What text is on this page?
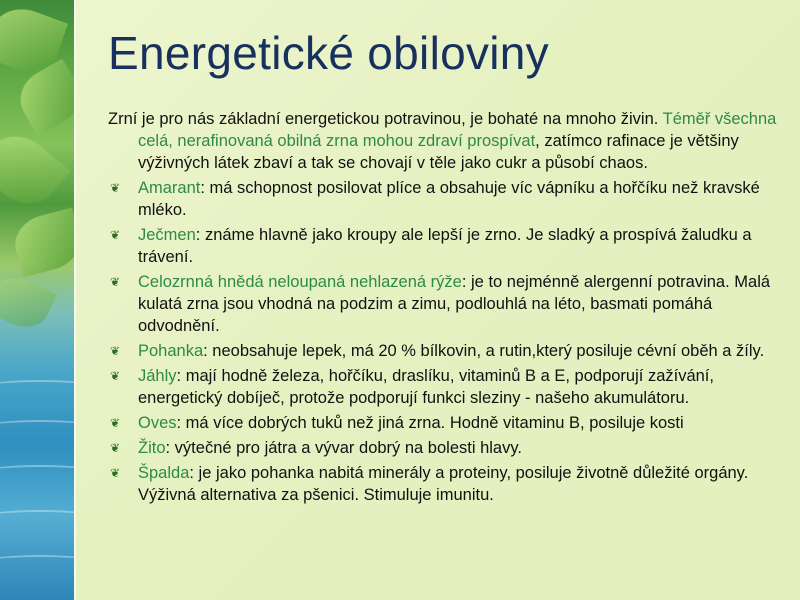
Energetické obiloviny

Zrní je pro nás základní energetickou potravinou, je bohaté na mnoho živin. Téměř všechna celá, nerafinovaná obilná zrna mohou zdraví prospívat, zatímco rafinace je většiny výživných látek zbaví a tak se chovají v těle jako cukr a působí chaos.

❦ Amarant: má schopnost posilovat plíce a obsahuje víc vápníku a hořčíku než kravské mléko.
❦ Ječmen: známe hlavně jako kroupy ale lepší je zrno. Je sladký a prospívá žaludku a trávení.
❦ Celozrnná hnědá neloupaná nehlazená rýže: je to nejménně alergenní potravina. Malá kulatá zrna jsou vhodná na podzim a zimu, podlouhlá na léto, basmati pomáhá odvodnění.
❦ Pohanka: neobsahuje lepek, má 20 % bílkovin, a rutin,který posiluje cévní oběh a žíly.
❦ Jáhly: mají hodně železa, hořčíku, draslíku, vitaminů B a E, podporují zažívání, energetický dobíječ, protože podporují funkci sleziny - našeho akumulátoru.
❦ Oves: má více dobrých tuků než jiná zrna. Hodně vitaminu B, posiluje kosti
❦ Žito: výtečné pro játra a vývar dobrý na bolesti hlavy.
❦ Špalda: je jako pohanka nabitá minerály a proteiny, posiluje životně důležité orgány. Výživná alternativa za pšenici. Stimuluje imunitu.
